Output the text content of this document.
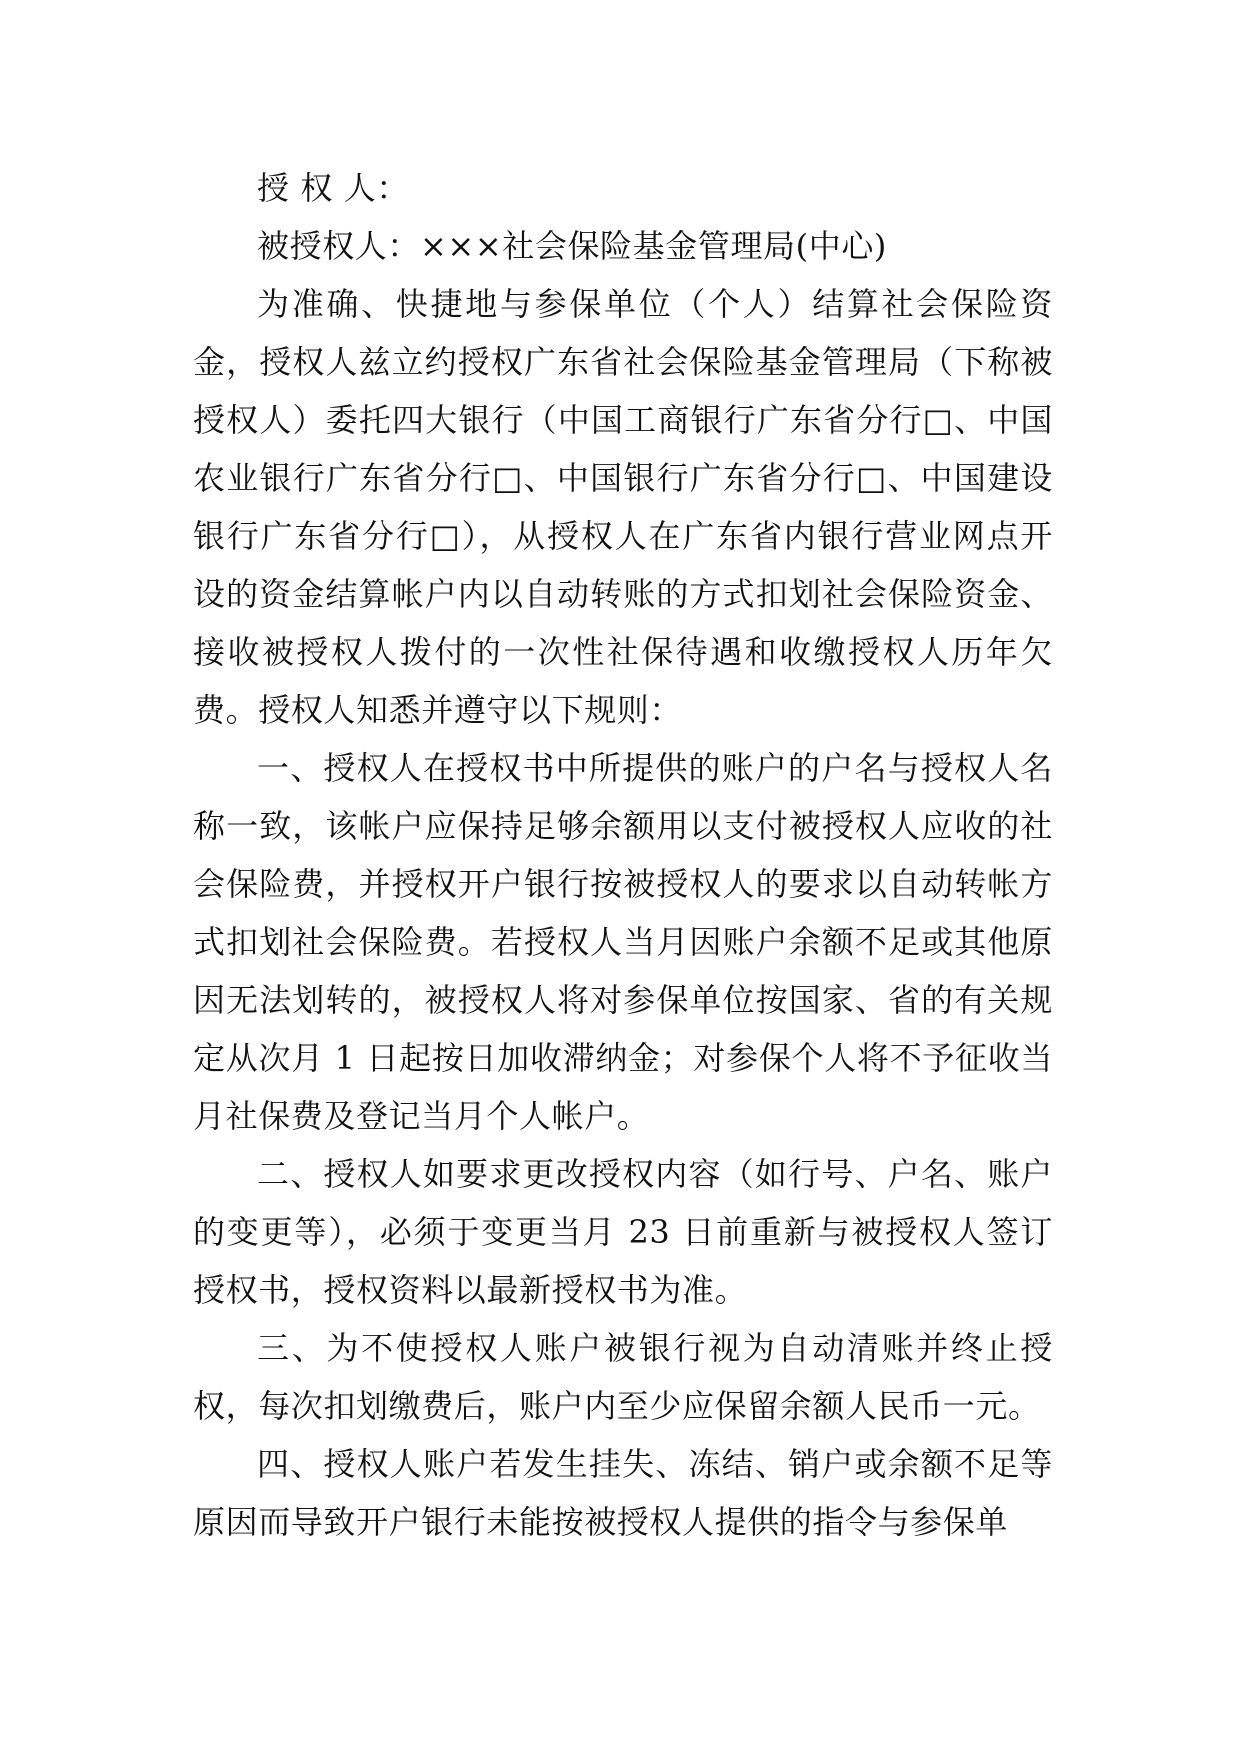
授 权 人：

被授权人：×××社会保险基金管理局(中心)

为准确、快捷地与参保单位（个人）结算社会保险资金，授权人兹立约授权广东省社会保险基金管理局（下称被授权人）委托四大银行（中国工商银行广东省分行□、中国农业银行广东省分行□、中国银行广东省分行□、中国建设银行广东省分行□），从授权人在广东省内银行营业网点开设的资金结算帐户内以自动转账的方式扣划社会保险资金、接收被授权人拨付的一次性社保待遇和收缴授权人历年欠费。授权人知悉并遵守以下规则：

一、授权人在授权书中所提供的账户的户名与授权人名称一致，该帐户应保持足够余额用以支付被授权人应收的社会保险费，并授权开户银行按被授权人的要求以自动转帐方式扣划社会保险费。若授权人当月因账户余额不足或其他原因无法划转的，被授权人将对参保单位按国家、省的有关规定从次月 1 日起按日加收滞纳金；对参保个人将不予征收当月社保费及登记当月个人帐户。

二、授权人如要求更改授权内容（如行号、户名、账户的变更等），必须于变更当月 23 日前重新与被授权人签订授权书，授权资料以最新授权书为准。

三、为不使授权人账户被银行视为自动清账并终止授权，每次扣划缴费后，账户内至少应保留余额人民币一元。

四、授权人账户若发生挂失、冻结、销户或余额不足等原因而导致开户银行未能按被授权人提供的指令与参保单
